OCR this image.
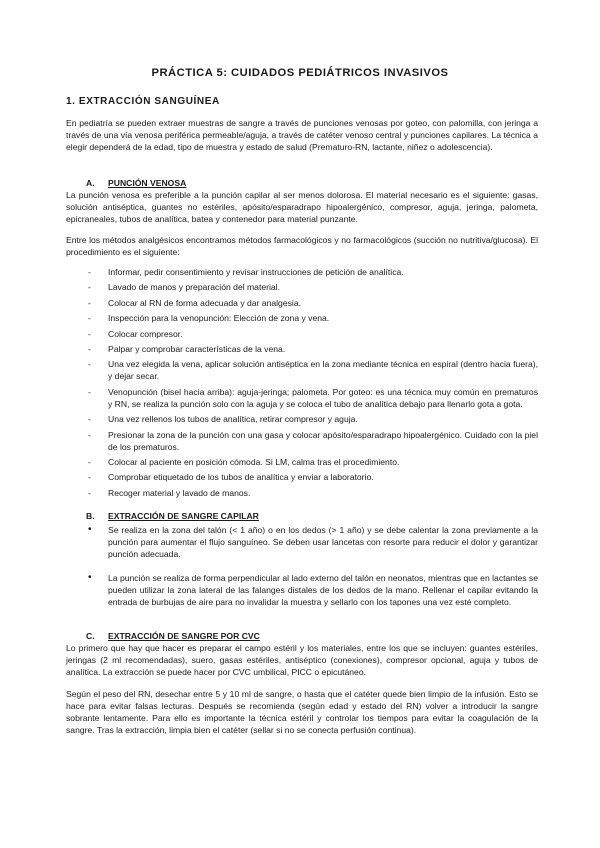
PRÁCTICA 5: CUIDADOS PEDIÁTRICOS INVASIVOS
1. EXTRACCIÓN SANGUÍNEA

En pediatría se pueden extraer muestras de sangre a través de punciones venosas por goteo, con palomilla, con jeringa a través de una vía venosa periférica permeable/aguja, a través de catéter venoso central y punciones capilares. La técnica a elegir dependerá de la edad, tipo de muestra y estado de salud (Prematuro-RN, lactante, niñez o adolescencia).

A. PUNCIÓN VENOSA

La punción venosa es preferible a la punción capilar al ser menos dolorosa. El material necesario es el siguiente: gasas, solución antiséptica, guantes no estériles, apósito/esparadrapo hipoalergénico, compresor, aguja, jeringa, palometa, epicraneales, tubos de analítica, batea y contenedor para material punzante.

Entre los métodos analgésicos encontramos métodos farmacológicos y no farmacológicos (succión no nutritiva/glucosa). El procedimiento es el siguiente:

- Informar, pedir consentimiento y revisar instrucciones de petición de analítica.
- Lavado de manos y preparación del material.
- Colocar al RN de forma adecuada y dar analgesia.
- Inspección para la venopunción: Elección de zona y vena.
- Colocar compresor.
- Palpar y comprobar características de la vena.
- Una vez elegida la vena, aplicar solución antiséptica en la zona mediante técnica en espiral (dentro hacia fuera), y dejar secar.
- Venopunción (bisel hacia arriba): aguja-jeringa; palometa. Por goteo: es una técnica muy común en prematuros y RN, se realiza la punción solo con la aguja y se coloca el tubo de analítica debajo para llenarlo gota a gota.
- Una vez rellenos los tubos de analítica, retirar compresor y aguja.
- Presionar la zona de la punción con una gasa y colocar apósito/esparadrapo hipoalergénico. Cuidado con la piel de los prematuros.
- Colocar al paciente en posición cómoda. Si LM, calma tras el procedimiento.
- Comprobar etiquetado de los tubos de analítica y enviar a laboratorio.
- Recoger material y lavado de manos.
B. EXTRACCIÓN DE SANGRE CAPILAR
• Se realiza en la zona del talón (< 1 año) o en los dedos (> 1 año) y se debe calentar la zona previamente a la punción para aumentar el flujo sanguíneo. Se deben usar lancetas con resorte para reducir el dolor y garantizar punción adecuada.
• La punción se realiza de forma perpendicular al lado externo del talón en neonatos, mientras que en lactantes se pueden utilizar la zona lateral de las falanges distales de los dedos de la mano. Rellenar el capilar evitando la entrada de burbujas de aire para no invalidar la muestra y sellarlo con los tapones una vez esté completo.
C. EXTRACCIÓN DE SANGRE POR CVC

Lo primero que hay que hacer es preparar el campo estéril y los materiales, entre los que se incluyen: guantes estériles, jeringas (2 ml recomendadas), suero, gasas estériles, antiséptico (conexiones), compresor opcional, aguja y tubos de analítica. La extracción se puede hacer por CVC umbilical, PICC o epicutáneo.

Según el peso del RN, desechar entre 5 y 10 ml de sangre, o hasta que el catéter quede bien limpio de la infusión. Esto se hace para evitar falsas lecturas. Después se recomienda (según edad y estado del RN) volver a introducir la sangre sobrante lentamente. Para ello es importante la técnica estéril y controlar los tiempos para evitar la coagulación de la sangre. Tras la extracción, limpia bien el catéter (sellar si no se conecta perfusión continua).
